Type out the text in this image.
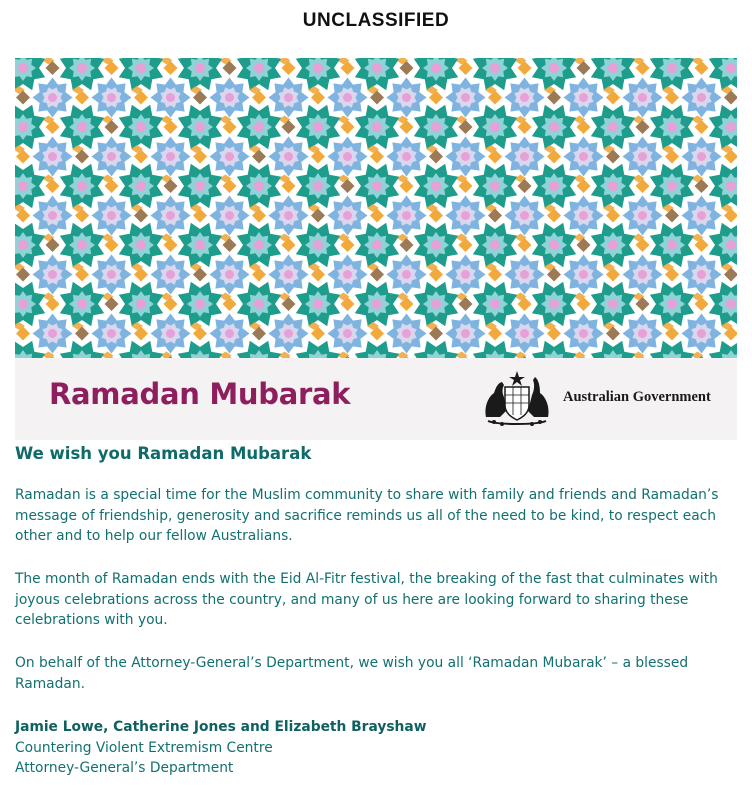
UNCLASSIFIED
Ramadan Mubarak	Australian Government
We wish you Ramadan Mubarak

Ramadan is a special time for the Muslim community to share with family and friends and Ramadan’s message of friendship, generosity and sacrifice reminds us all of the need to be kind, to respect each other and to help our fellow Australians.

The month of Ramadan ends with the Eid Al-Fitr festival, the breaking of the fast that culminates with joyous celebrations across the country, and many of us here are looking forward to sharing these celebrations with you.

On behalf of the Attorney-General’s Department, we wish you all ‘Ramadan Mubarak’ – a blessed Ramadan.

Jamie Lowe, Catherine Jones and Elizabeth Brayshaw
Countering Violent Extremism Centre
Attorney-General’s Department
